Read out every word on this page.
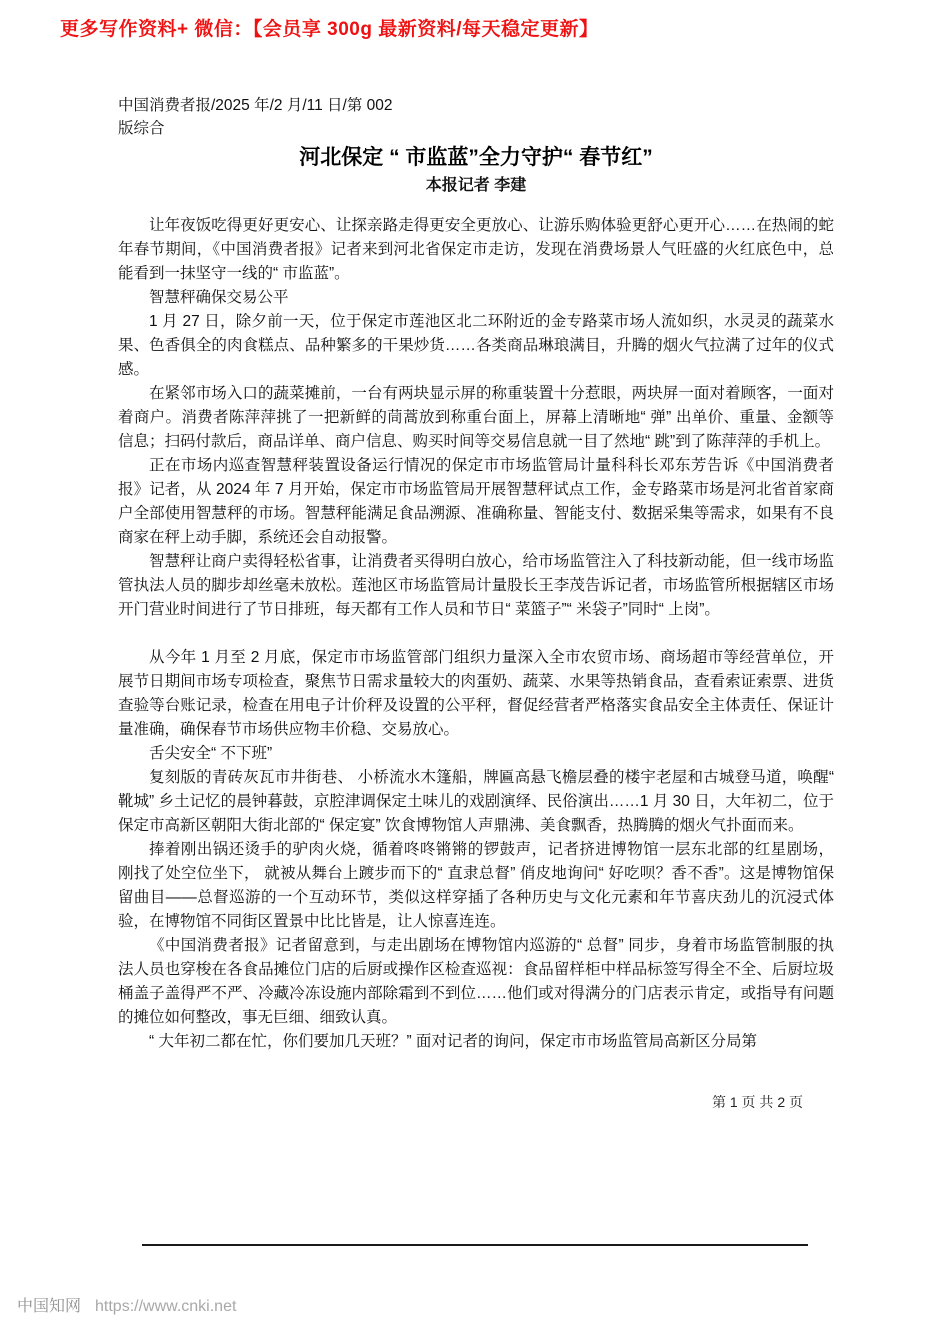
更多写作资料+ 微信：【会员享 300g 最新资料/每天稳定更新】
中国消费者报/2025 年/2 月/11 日/第 002
版综合
河北保定 “ 市监蓝”全力守护“ 春节红”
本报记者 李建

让年夜饭吃得更好更安心、让探亲路走得更安全更放心、让游乐购体验更舒心更开心……在热闹的蛇年春节期间，《中国消费者报》记者来到河北省保定市走访，发现在消费场景人气旺盛的火红底色中，总能看到一抹坚守一线的“ 市监蓝”。

智慧秤确保交易公平

1 月 27 日，除夕前一天，位于保定市莲池区北二环附近的金专路菜市场人流如织，水灵灵的蔬菜水果、色香俱全的肉食糕点、品种繁多的干果炒货……各类商品琳琅满目，升腾的烟火气拉满了过年的仪式感。

在紧邻市场入口的蔬菜摊前，一台有两块显示屏的称重装置十分惹眼，两块屏一面对着顾客，一面对着商户。消费者陈萍萍挑了一把新鲜的茼蒿放到称重台面上，屏幕上清晰地“ 弹” 出单价、重量、金额等信息；扫码付款后，商品详单、商户信息、购买时间等交易信息就一目了然地“ 跳”到了陈萍萍的手机上。

正在市场内巡查智慧秤装置设备运行情况的保定市市场监管局计量科科长邓东芳告诉《中国消费者报》记者，从 2024 年 7 月开始，保定市市场监管局开展智慧秤试点工作，金专路菜市场是河北省首家商户全部使用智慧秤的市场。智慧秤能满足食品溯源、准确称量、智能支付、数据采集等需求，如果有不良商家在秤上动手脚，系统还会自动报警。

智慧秤让商户卖得轻松省事，让消费者买得明白放心，给市场监管注入了科技新动能，但一线市场监管执法人员的脚步却丝毫未放松。莲池区市场监管局计量股长王李茂告诉记者，市场监管所根据辖区市场开门营业时间进行了节日排班，每天都有工作人员和节日“ 菜篮子”“ 米袋子”同时“ 上岗”。

从今年 1 月至 2 月底，保定市市场监管部门组织力量深入全市农贸市场、商场超市等经营单位，开展节日期间市场专项检查，聚焦节日需求量较大的肉蛋奶、蔬菜、水果等热销食品，查看索证索票、进货查验等台账记录，检查在用电子计价秤及设置的公平秤，督促经营者严格落实食品安全主体责任、保证计量准确，确保春节市场供应物丰价稳、交易放心。

舌尖安全“ 不下班”

复刻版的青砖灰瓦市井街巷、 小桥流水木篷船，牌匾高悬飞檐层叠的楼宇老屋和古城登马道，唤醒“ 靴城” 乡土记忆的晨钟暮鼓，京腔津调保定土味儿的戏剧演绎、民俗演出……1 月 30 日，大年初二，位于保定市高新区朝阳大街北部的“ 保定宴” 饮食博物馆人声鼎沸、美食飘香，热腾腾的烟火气扑面而来。

捧着刚出锅还烫手的驴肉火烧，循着咚咚锵锵的锣鼓声，记者挤进博物馆一层东北部的红星剧场， 刚找了处空位坐下， 就被从舞台上踱步而下的“ 直隶总督” 俏皮地询问“ 好吃呗？香不香”。这是博物馆保留曲目——总督巡游的一个互动环节，类似这样穿插了各种历史与文化元素和年节喜庆劲儿的沉浸式体验，在博物馆不同街区置景中比比皆是，让人惊喜连连。

《中国消费者报》记者留意到，与走出剧场在博物馆内巡游的“ 总督” 同步，身着市场监管制服的执法人员也穿梭在各食品摊位门店的后厨或操作区检查巡视：食品留样柜中样品标签写得全不全、后厨垃圾桶盖子盖得严不严、冷藏冷冻设施内部除霜到不到位……他们或对得满分的门店表示肯定，或指导有问题的摊位如何整改，事无巨细、细致认真。

“ 大年初二都在忙，你们要加几天班？” 面对记者的询问，保定市市场监管局高新区分局第

第 1 页 共 2 页
中国知网 https://www.cnki.net
